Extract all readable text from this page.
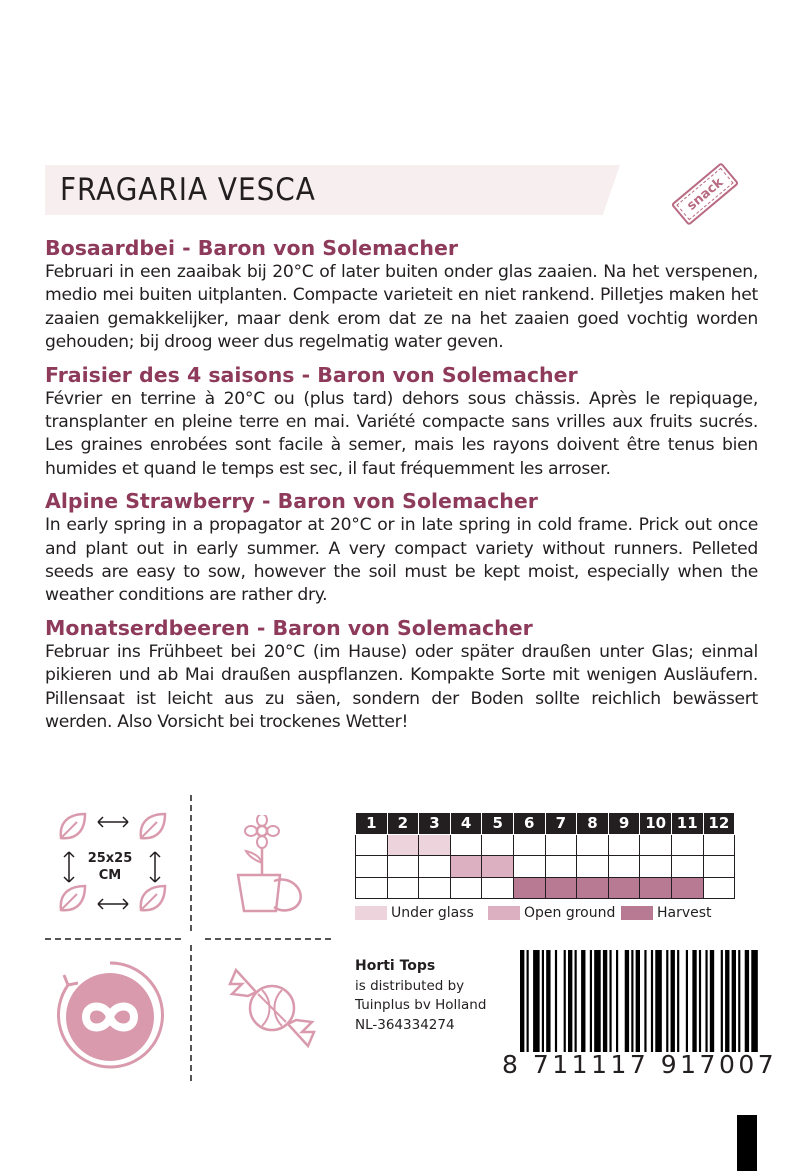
FRAGARIA VESCA	snack
Bosaardbei - Baron von Solemacher

Februari in een zaaibak bij 20°C of later buiten onder glas zaaien. Na het verspenen, medio mei buiten uitplanten. Compacte varieteit en niet rankend. Pilletjes maken het zaaien gemakkelijker, maar denk erom dat ze na het zaaien goed vochtig worden gehouden; bij droog weer dus regelmatig water geven.

Fraisier des 4 saisons - Baron von Solemacher

Février en terrine à 20°C ou (plus tard) dehors sous chässis. Après le repiquage, transplanter en pleine terre en mai. Variété compacte sans vrilles aux fruits sucrés. Les graines enrobées sont facile à semer, mais les rayons doivent être tenus bien humides et quand le temps est sec, il faut fréquemment les arroser.

Alpine Strawberry - Baron von Solemacher

In early spring in a propagator at 20°C or in late spring in cold frame. Prick out once and plant out in early summer. A very compact variety without runners. Pelleted seeds are easy to sow, however the soil must be kept moist, especially when the weather conditions are rather dry.

Monatserdbeeren - Baron von Solemacher

Februar ins Frühbeet bei 20°C (im Hause) oder später draußen unter Glas; einmal pikieren und ab Mai draußen auspflanzen. Kompakte Sorte mit wenigen Ausläufern. Pillensaat ist leicht aus zu säen, sondern der Boden sollte reichlich bewässert werden. Also Vorsicht bei trockenes Wetter!

25x25
CM
1	2	3	4	5	6	7	8	9	10	11	12

Under glass	Open ground	Harvest
Horti Tops
is distributed by
Tuinplus bv Holland
NL-364334274
8 711117 917007
